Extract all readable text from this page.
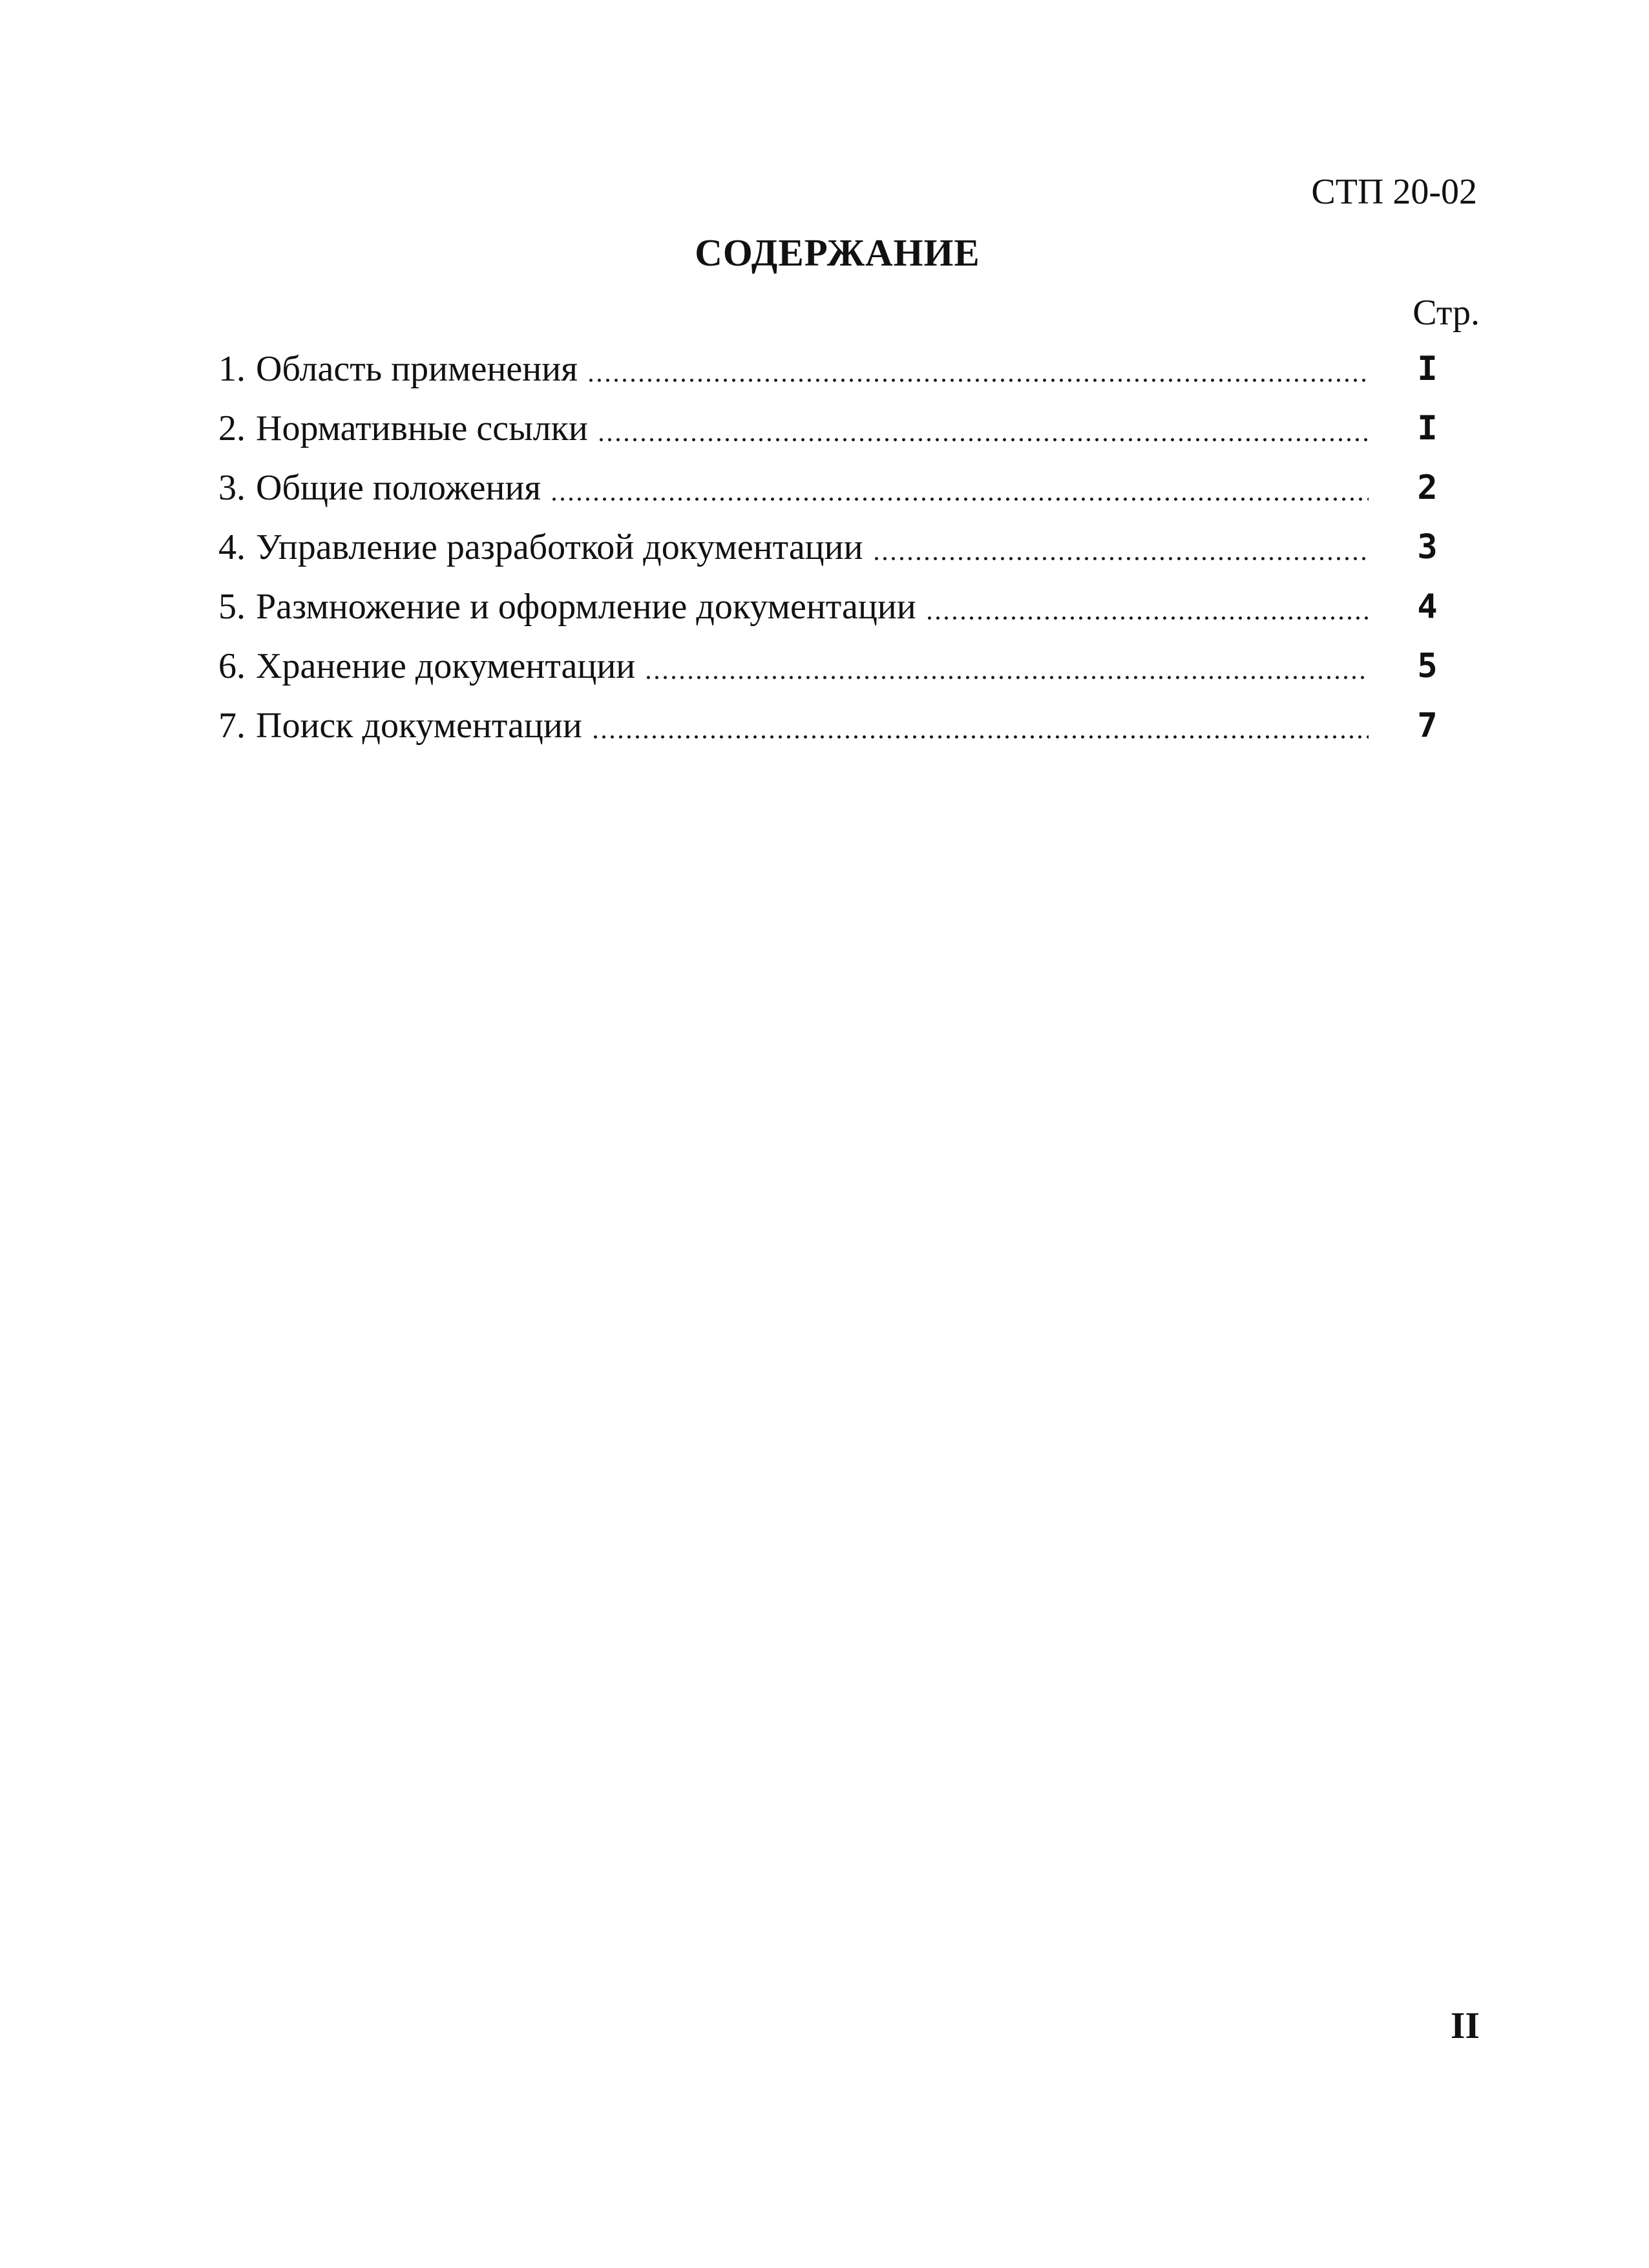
СТП 20-02
СОДЕРЖАНИЕ
Стр.
1. Область применения	I
2. Нормативные ссылки	I
3. Общие положения	2
4. Управление разработкой документации	3
5. Размножение и оформление документации	4
6. Хранение документации	5
7. Поиск документации	7
II
